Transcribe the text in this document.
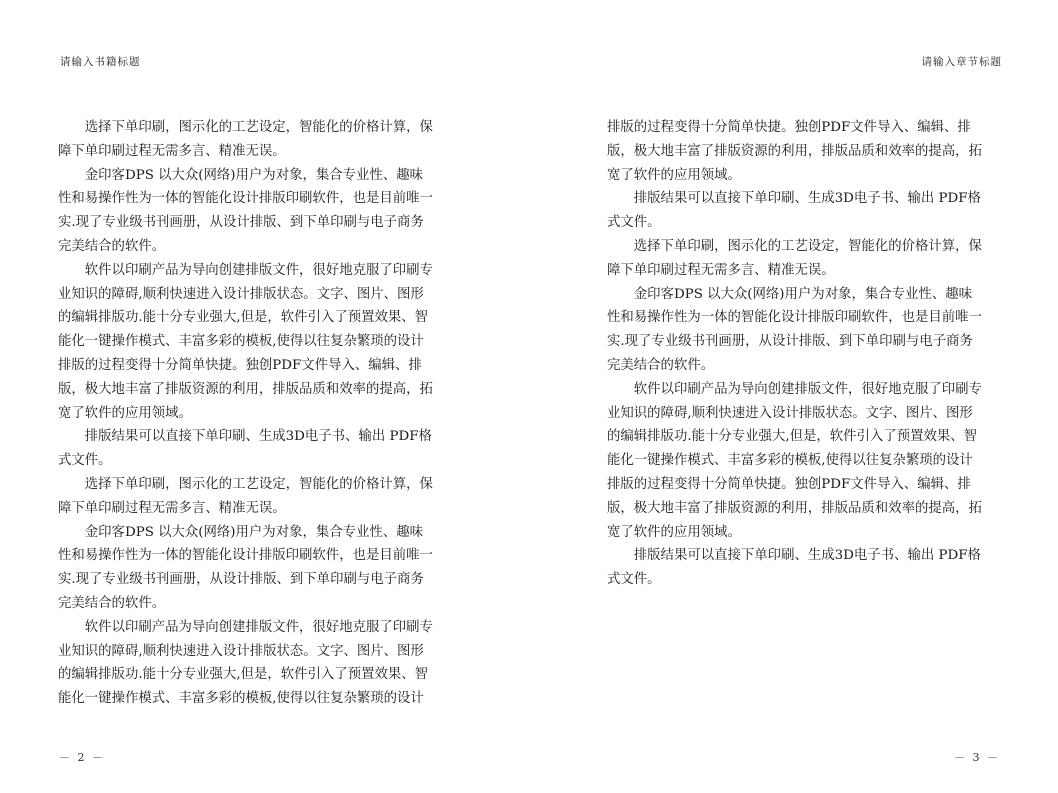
请输入书籍标题
　　选择下单印刷，图示化的工艺设定，智能化的价格计算，保
障下单印刷过程无需多言、精准无误。
　　金印客DPS 以大众(网络)用户为对象，集合专业性、趣味
性和易操作性为一体的智能化设计排版印刷软件，也是目前唯一
实.现了专业级书刊画册，从设计排版、到下单印刷与电子商务
完美结合的软件。
　　软件以印刷产品为导向创建排版文件，很好地克服了印刷专
业知识的障碍,顺利快速进入设计排版状态。文字、图片、图形
的编辑排版功.能十分专业强大,但是，软件引入了预置效果、智
能化一键操作模式、丰富多彩的模板,使得以往复杂繁琐的设计
排版的过程变得十分简单快捷。独创PDF文件导入、编辑、排
版，极大地丰富了排版资源的利用，排版品质和效率的提高，拓
宽了软件的应用领域。
　　排版结果可以直接下单印刷、生成3D电子书、输出 PDF格
式文件。
　　选择下单印刷，图示化的工艺设定，智能化的价格计算，保
障下单印刷过程无需多言、精准无误。
　　金印客DPS 以大众(网络)用户为对象，集合专业性、趣味
性和易操作性为一体的智能化设计排版印刷软件，也是目前唯一
实.现了专业级书刊画册，从设计排版、到下单印刷与电子商务
完美结合的软件。
　　软件以印刷产品为导向创建排版文件，很好地克服了印刷专
业知识的障碍,顺利快速进入设计排版状态。文字、图片、图形
的编辑排版功.能十分专业强大,但是，软件引入了预置效果、智
能化一键操作模式、丰富多彩的模板,使得以往复杂繁琐的设计
－ 2 －
请输入章节标题
排版的过程变得十分简单快捷。独创PDF文件导入、编辑、排
版，极大地丰富了排版资源的利用，排版品质和效率的提高，拓
宽了软件的应用领域。
　　排版结果可以直接下单印刷、生成3D电子书、输出 PDF格
式文件。
　　选择下单印刷，图示化的工艺设定，智能化的价格计算，保
障下单印刷过程无需多言、精准无误。
　　金印客DPS 以大众(网络)用户为对象，集合专业性、趣味
性和易操作性为一体的智能化设计排版印刷软件，也是目前唯一
实.现了专业级书刊画册，从设计排版、到下单印刷与电子商务
完美结合的软件。
　　软件以印刷产品为导向创建排版文件，很好地克服了印刷专
业知识的障碍,顺利快速进入设计排版状态。文字、图片、图形
的编辑排版功.能十分专业强大,但是，软件引入了预置效果、智
能化一键操作模式、丰富多彩的模板,使得以往复杂繁琐的设计
排版的过程变得十分简单快捷。独创PDF文件导入、编辑、排
版，极大地丰富了排版资源的利用，排版品质和效率的提高，拓
宽了软件的应用领域。
　　排版结果可以直接下单印刷、生成3D电子书、输出 PDF格
式文件。
－ 3 －
